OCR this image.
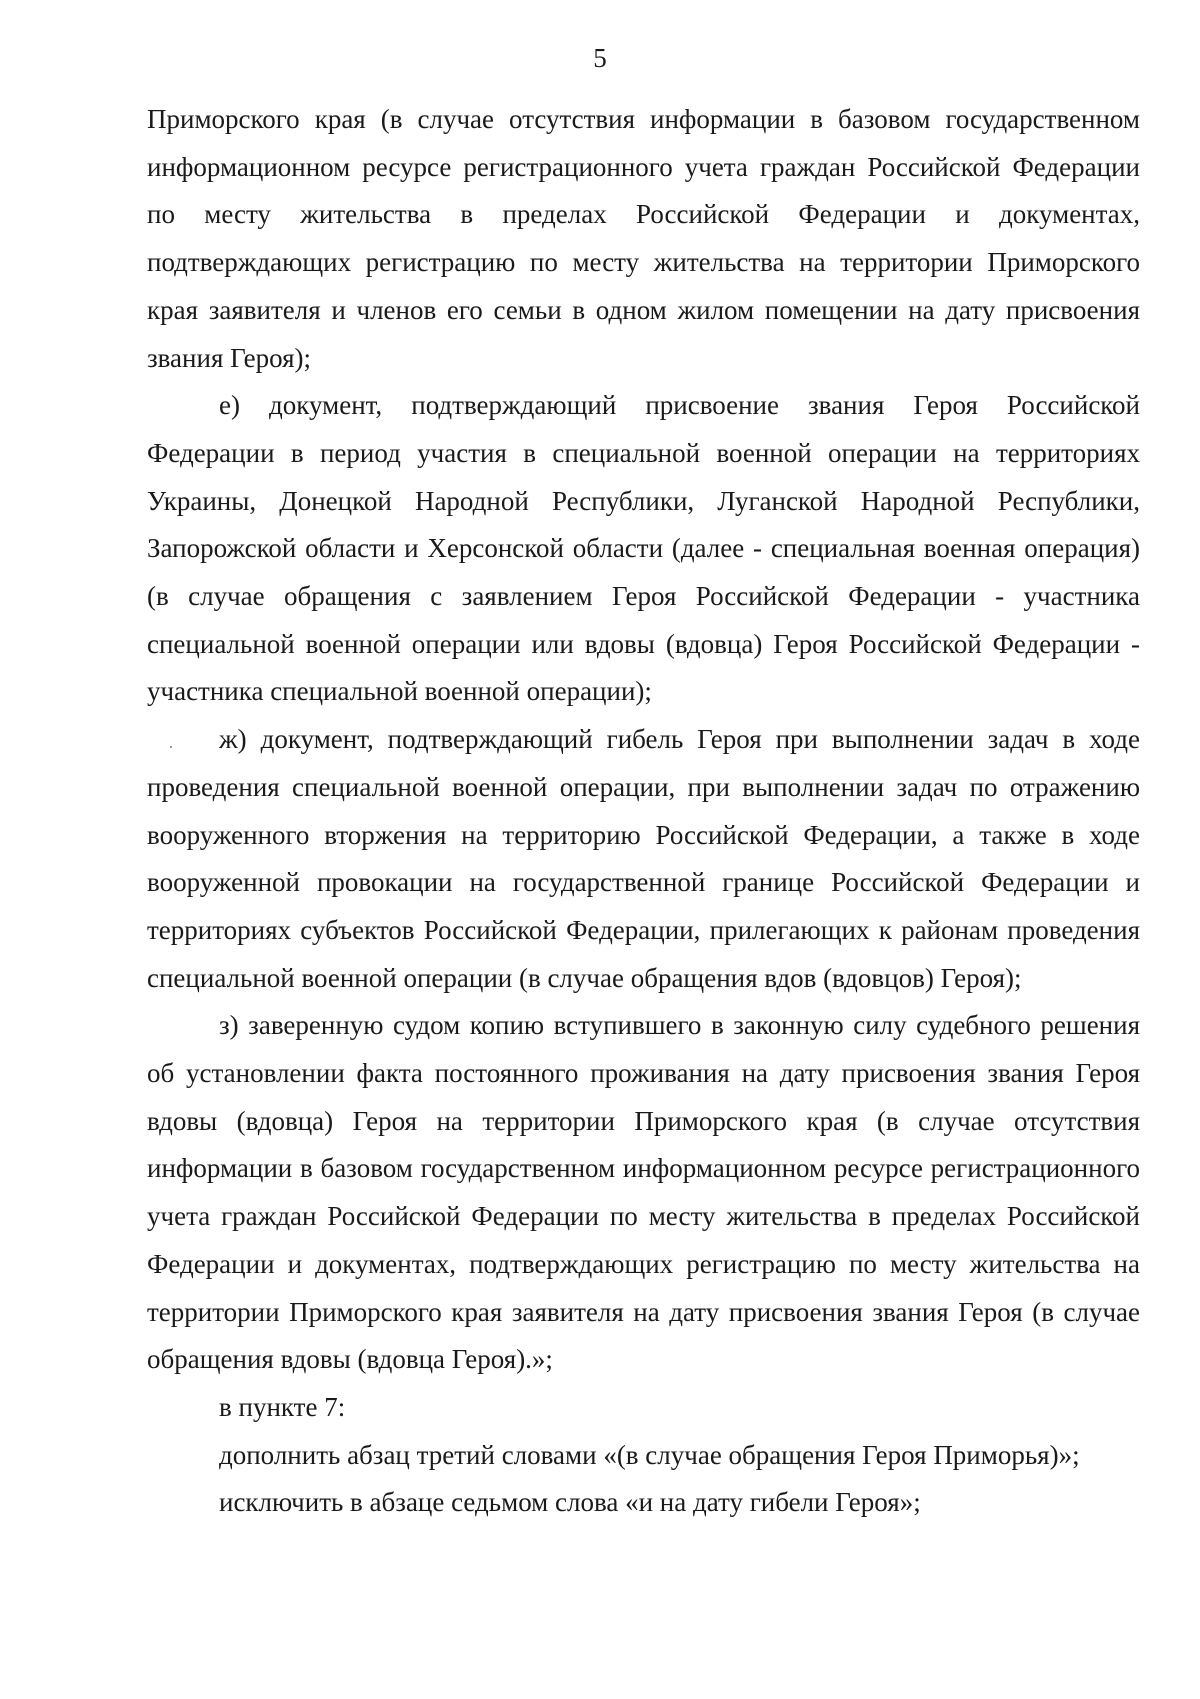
5

Приморского края (в случае отсутствия информации в базовом государственном информационном ресурсе регистрационного учета граждан Российской Федерации по месту жительства в пределах Российской Федерации и документах, подтверждающих регистрацию по месту жительства на территории Приморского края заявителя и членов его семьи в одном жилом помещении на дату присвоения звания Героя);

е) документ, подтверждающий присвоение звания Героя Российской Федерации в период участия в специальной военной операции на территориях Украины, Донецкой Народной Республики, Луганской Народной Республики, Запорожской области и Херсонской области (далее - специальная военная операция) (в случае обращения с заявлением Героя Российской Федерации - участника специальной военной операции или вдовы (вдовца) Героя Российской Федерации - участника специальной военной операции);

ж) документ, подтверждающий гибель Героя при выполнении задач в ходе проведения специальной военной операции, при выполнении задач по отражению вооруженного вторжения на территорию Российской Федерации, а также в ходе вооруженной провокации на государственной границе Российской Федерации и территориях субъектов Российской Федерации, прилегающих к районам проведения специальной военной операции (в случае обращения вдов (вдовцов) Героя);

з) заверенную судом копию вступившего в законную силу судебного решения об установлении факта постоянного проживания на дату присвоения звания Героя вдовы (вдовца) Героя на территории Приморского края (в случае отсутствия информации в базовом государственном информационном ресурсе регистрационного учета граждан Российской Федерации по месту жительства в пределах Российской Федерации и документах, подтверждающих регистрацию по месту жительства на территории Приморского края заявителя на дату присвоения звания Героя (в случае обращения вдовы (вдовца Героя).»;

в пункте 7:

дополнить абзац третий словами «(в случае обращения Героя Приморья)»;

исключить в абзаце седьмом слова «и на дату гибели Героя»;
